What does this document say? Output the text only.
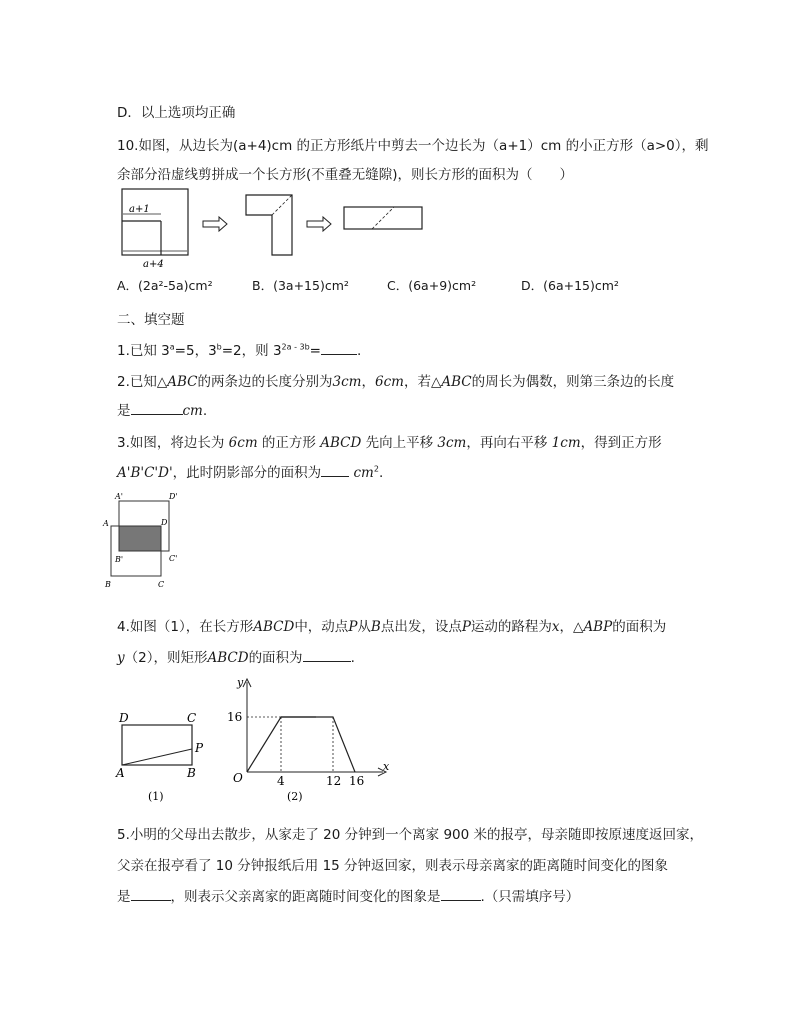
D．以上选项均正确
10.如图，从边长为(a+4)cm 的正方形纸片中剪去一个边长为（a+1）cm 的小正方形（a>0），剩
余部分沿虚线剪拼成一个长方形(不重叠无缝隙)，则长方形的面积为（　　）
a+1
a+4
A．(2a²-5a)cm²	B．(3a+15)cm²	C．(6a+9)cm²	D．(6a+15)cm²
二、填空题
1.已知 $3^a=5$，$3^b=2$，则 $3^{2a - 3b}=$	.
2.已知△ABC的两条边的长度分别为3cm，6cm，若△ABC的周长为偶数，则第三条边的长度
是	cm.
3.如图，将边长为 6cm 的正方形 ABCD 先向上平移 3cm，再向右平移 1cm，得到正方形
A'B'C'D'，此时阴影部分的面积为 $cm^2$.
A'	D'
A	D
B'	C'
B	C
4.如图（1），在长方形ABCD中，动点P从B点出发，设点P运动的路程为x，△ABP的面积为
y（2），则矩形ABCD的面积为	.
D	C
P
A	B
(1)
y
x
O
16
4	12 16
(2)
5.小明的父母出去散步，从家走了 20 分钟到一个离家 900 米的报亭，母亲随即按原速度返回家，
父亲在报亭看了 10 分钟报纸后用 15 分钟返回家，则表示母亲离家的距离随时间变化的图象
是	，则表示父亲离家的距离随时间变化的图象是	.（只需填序号）
